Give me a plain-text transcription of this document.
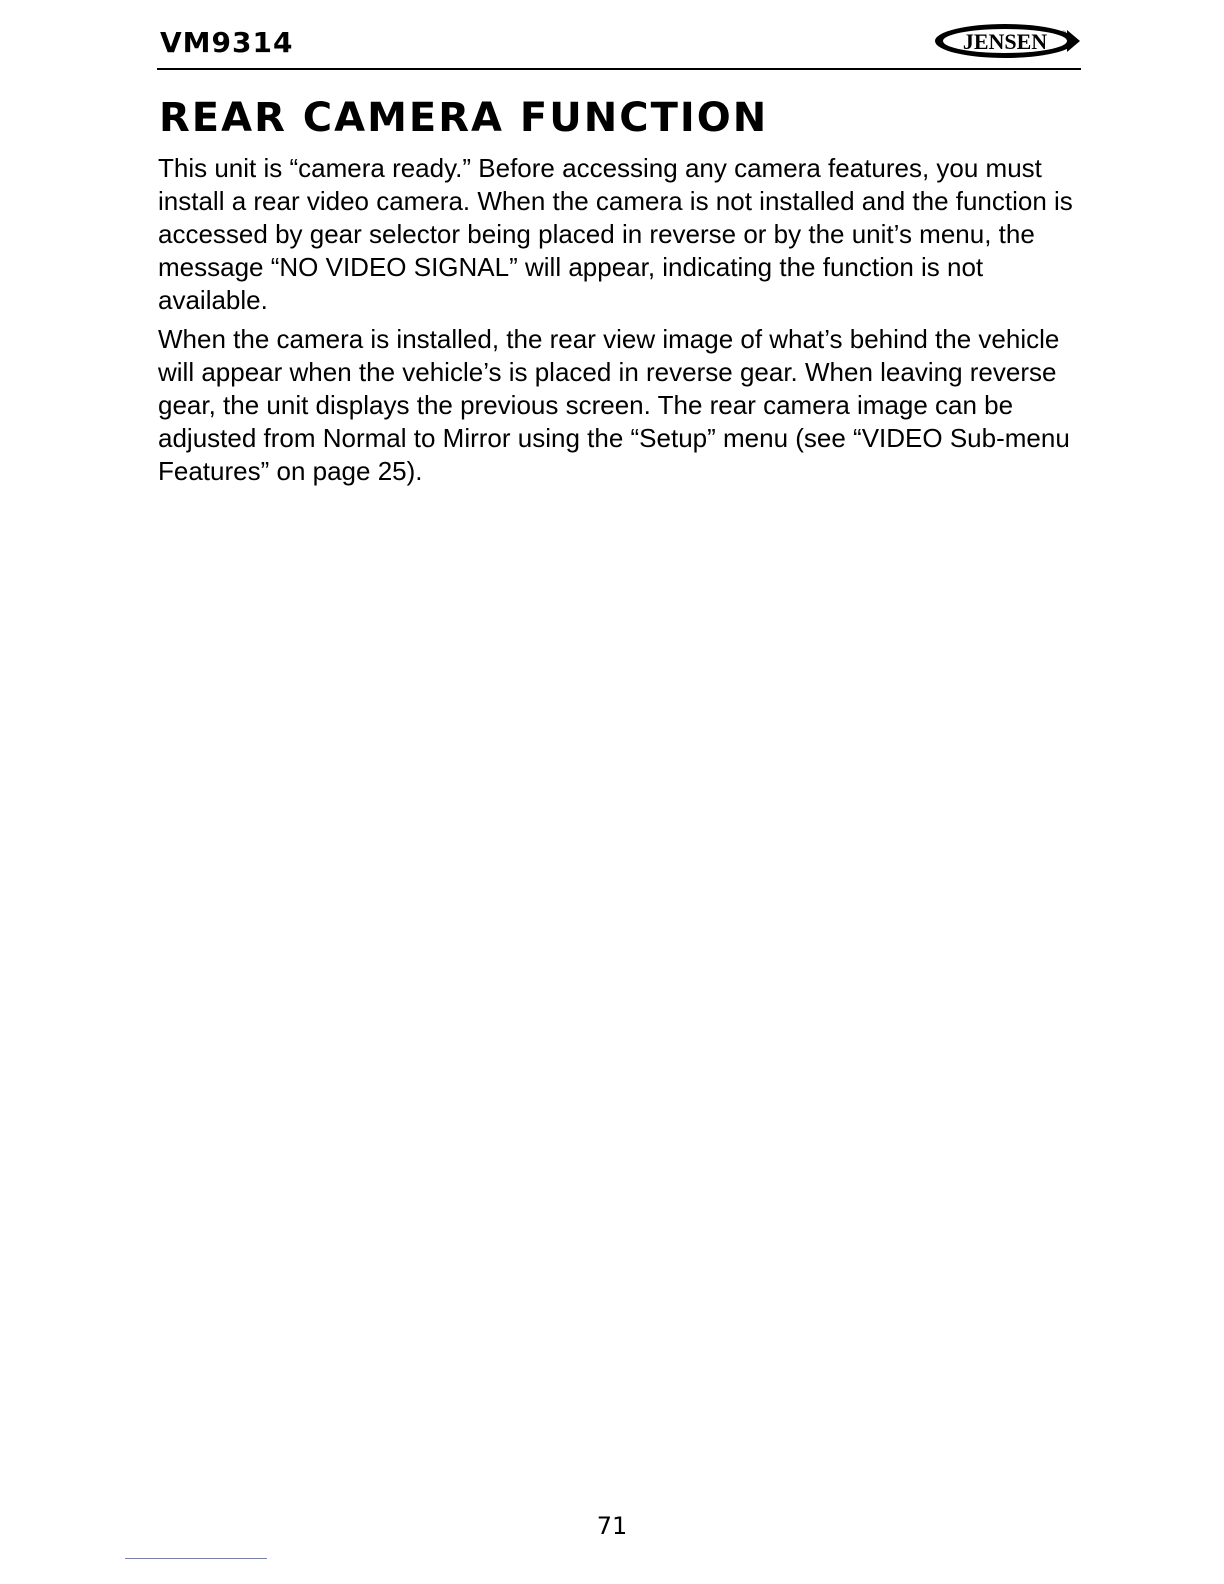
VM9314	JENSEN ®
REAR CAMERA FUNCTION

This unit is “camera ready.” Before accessing any camera features, you must install a rear video camera. When the camera is not installed and the function is accessed by gear selector being placed in reverse or by the unit’s menu, the message “NO VIDEO SIGNAL” will appear, indicating the function is not available.

When the camera is installed, the rear view image of what’s behind the vehicle will appear when the vehicle’s is placed in reverse gear. When leaving reverse gear, the unit displays the previous screen. The rear camera image can be adjusted from Normal to Mirror using the “Setup” menu (see “VIDEO Sub-menu Features” on page 25).

71
